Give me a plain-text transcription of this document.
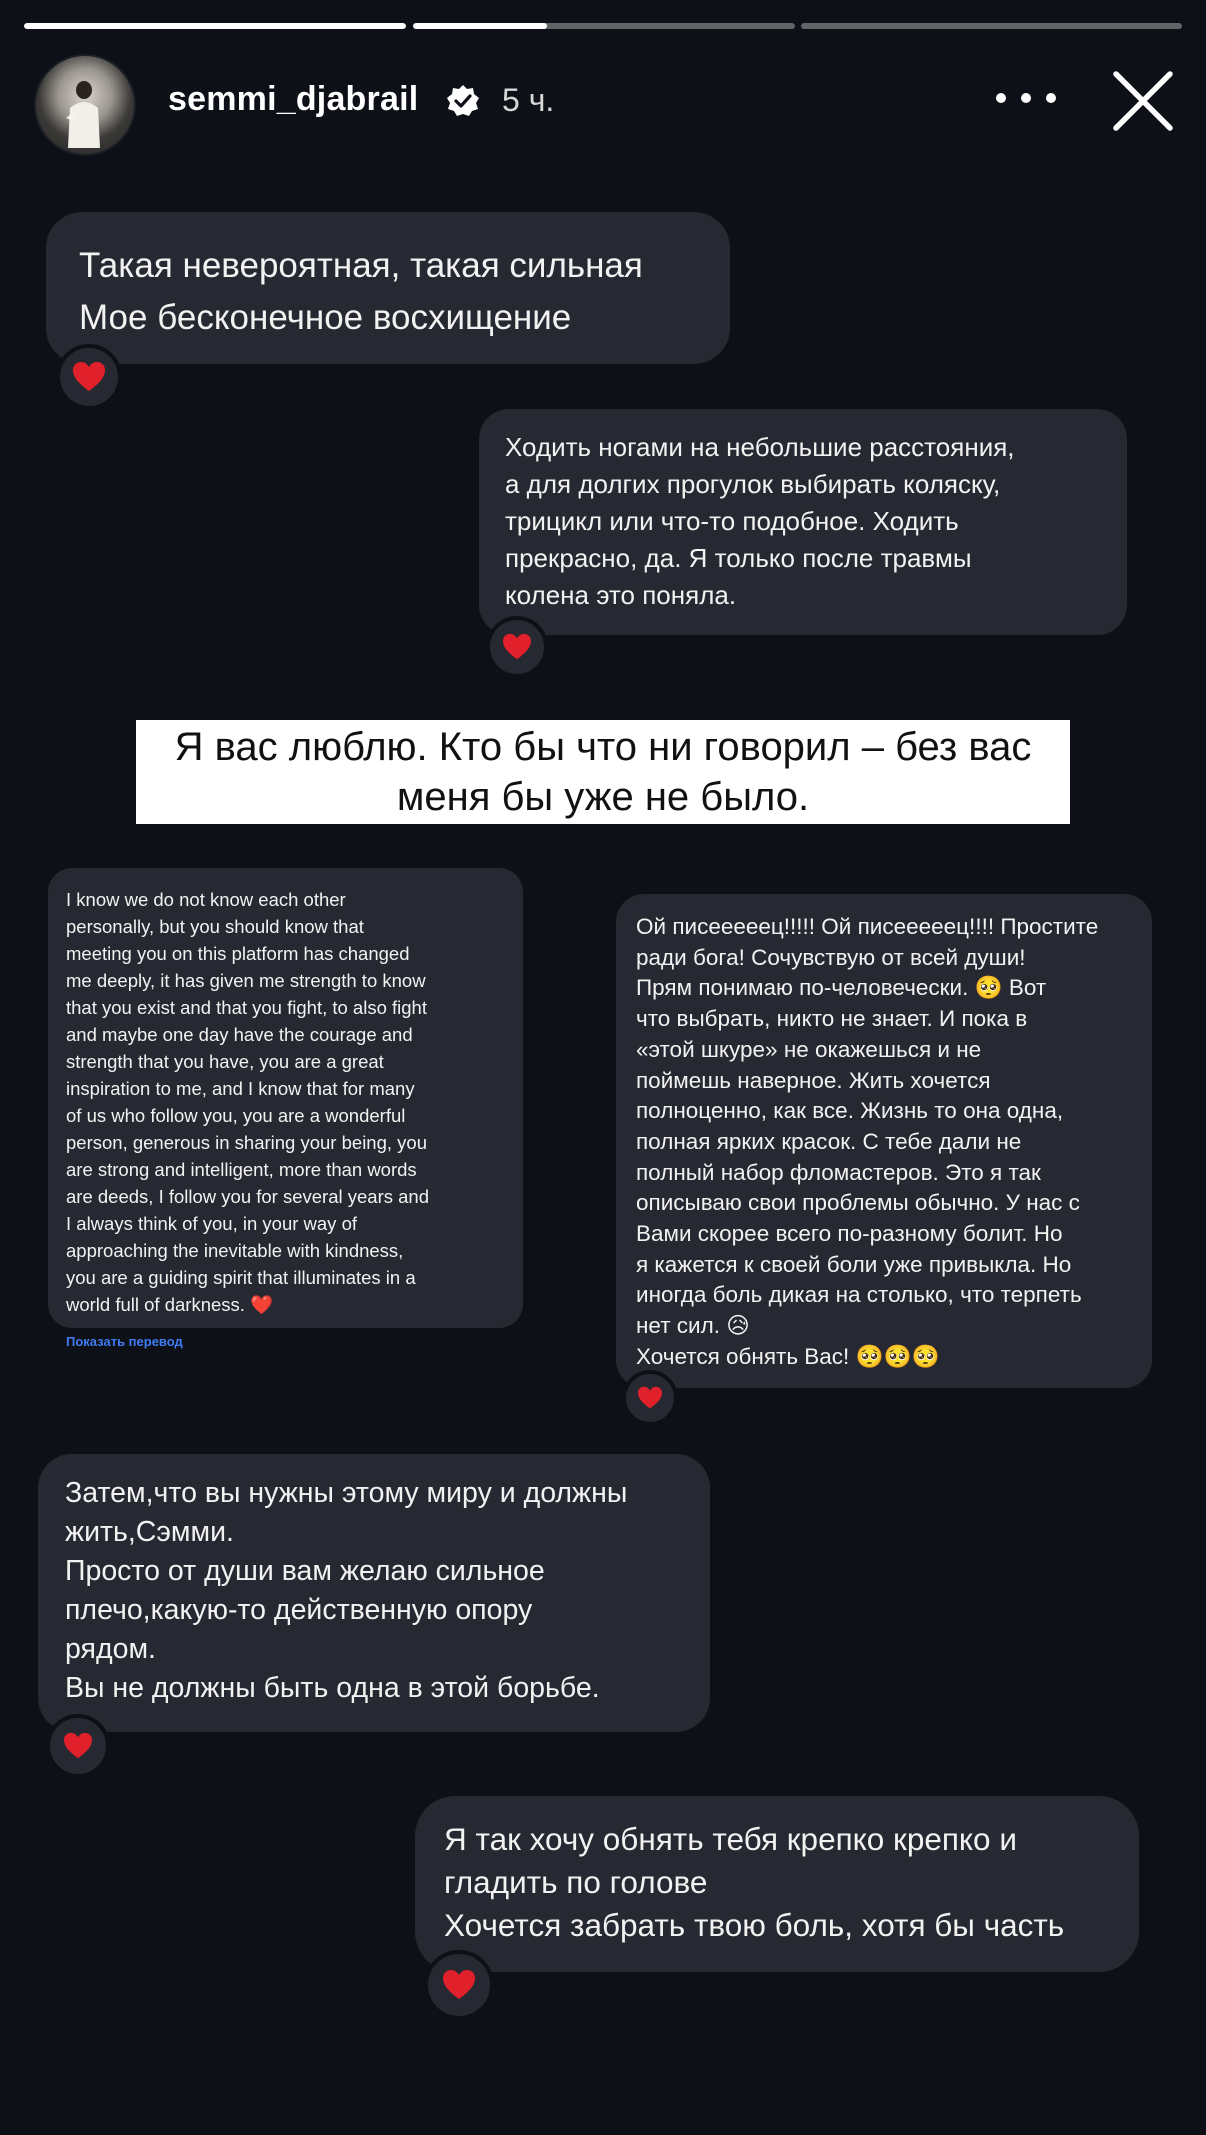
semmi_djabrail	5 ч.
Такая невероятная, такая сильная
Мое бесконечное восхищение
Ходить ногами на небольшие расстояния,
а для долгих прогулок выбирать коляску,
трицикл или что-то подобное. Ходить
прекрасно, да. Я только после травмы
колена это поняла.
Я вас люблю. Кто бы что ни говорил – без вас
меня бы уже не было.
I know we do not know each other
personally, but you should know that
meeting you on this platform has changed
me deeply, it has given me strength to know
that you exist and that you fight, to also fight
and maybe one day have the courage and
strength that you have, you are a great
inspiration to me, and I know that for many
of us who follow you, you are a wonderful
person, generous in sharing your being, you
are strong and intelligent, more than words
are deeds, I follow you for several years and
I always think of you, in your way of
approaching the inevitable with kindness,
you are a guiding spirit that illuminates in a
world full of darkness. ❤️
Показать перевод
Ой писееееец!!!!! Ой писееееец!!!! Простите
ради бога! Сочувствую от всей души!
Прям понимаю по-человечески. 🥺 Вот
что выбрать, никто не знает. И пока в
«этой шкуре» не окажешься и не
поймешь наверное. Жить хочется
полноценно, как все. Жизнь то она одна,
полная ярких красок. С тебе дали не
полный набор фломастеров. Это я так
описываю свои проблемы обычно. У нас с
Вами скорее всего по-разному болит. Но
я кажется к своей боли уже привыкла. Но
иногда боль дикая на столько, что терпеть
нет сил. 😥
Хочется обнять Вас! 🥺🥺🥺
Затем,что вы нужны этому миру и должны
жить,Сэмми.
Просто от души вам желаю сильное
плечо,какую-то действенную опору
рядом.
Вы не должны быть одна в этой борьбе.
Я так хочу обнять тебя крепко крепко и
гладить по голове
Хочется забрать твою боль, хотя бы часть
